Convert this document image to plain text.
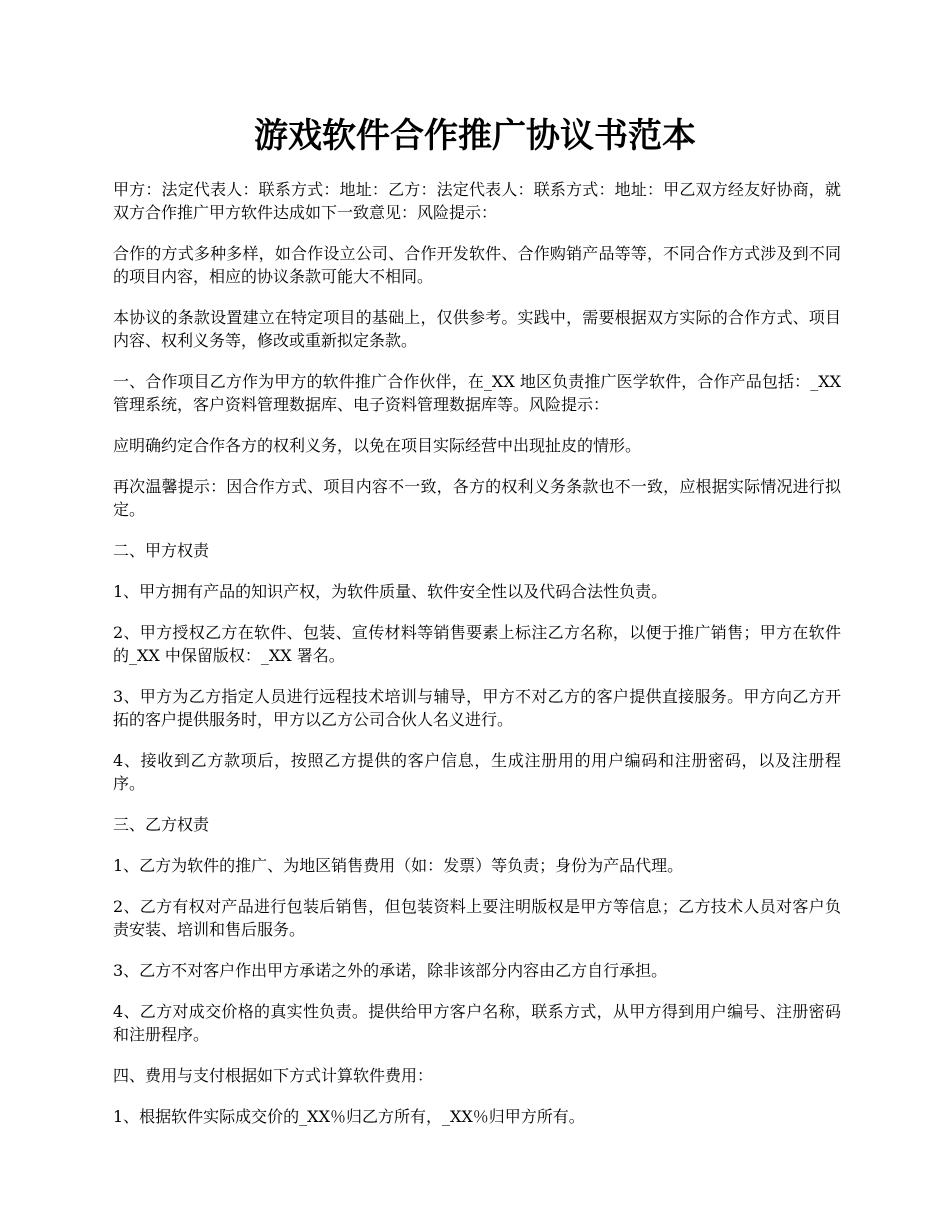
游戏软件合作推广协议书范本

甲方：法定代表人：联系方式：地址：乙方：法定代表人：联系方式：地址：甲乙双方经友好协商，就双方合作推广甲方软件达成如下一致意见：风险提示：

合作的方式多种多样，如合作设立公司、合作开发软件、合作购销产品等等，不同合作方式涉及到不同的项目内容，相应的协议条款可能大不相同。

本协议的条款设置建立在特定项目的基础上，仅供参考。实践中，需要根据双方实际的合作方式、项目内容、权利义务等，修改或重新拟定条款。

一、合作项目乙方作为甲方的软件推广合作伙伴，在_XX 地区负责推广医学软件，合作产品包括：_XX 管理系统，客户资料管理数据库、电子资料管理数据库等。风险提示：

应明确约定合作各方的权利义务，以免在项目实际经营中出现扯皮的情形。

再次温馨提示：因合作方式、项目内容不一致，各方的权利义务条款也不一致，应根据实际情况进行拟定。

二、甲方权责

1、甲方拥有产品的知识产权，为软件质量、软件安全性以及代码合法性负责。

2、甲方授权乙方在软件、包装、宣传材料等销售要素上标注乙方名称，以便于推广销售；甲方在软件的_XX 中保留版权：_XX 署名。

3、甲方为乙方指定人员进行远程技术培训与辅导，甲方不对乙方的客户提供直接服务。甲方向乙方开拓的客户提供服务时，甲方以乙方公司合伙人名义进行。

4、接收到乙方款项后，按照乙方提供的客户信息，生成注册用的用户编码和注册密码，以及注册程序。

三、乙方权责

1、乙方为软件的推广、为地区销售费用（如：发票）等负责；身份为产品代理。

2、乙方有权对产品进行包装后销售，但包装资料上要注明版权是甲方等信息；乙方技术人员对客户负责安装、培训和售后服务。

3、乙方不对客户作出甲方承诺之外的承诺，除非该部分内容由乙方自行承担。

4、乙方对成交价格的真实性负责。提供给甲方客户名称，联系方式，从甲方得到用户编号、注册密码和注册程序。

四、费用与支付根据如下方式计算软件费用：

1、根据软件实际成交价的_XX％归乙方所有，_XX％归甲方所有。
